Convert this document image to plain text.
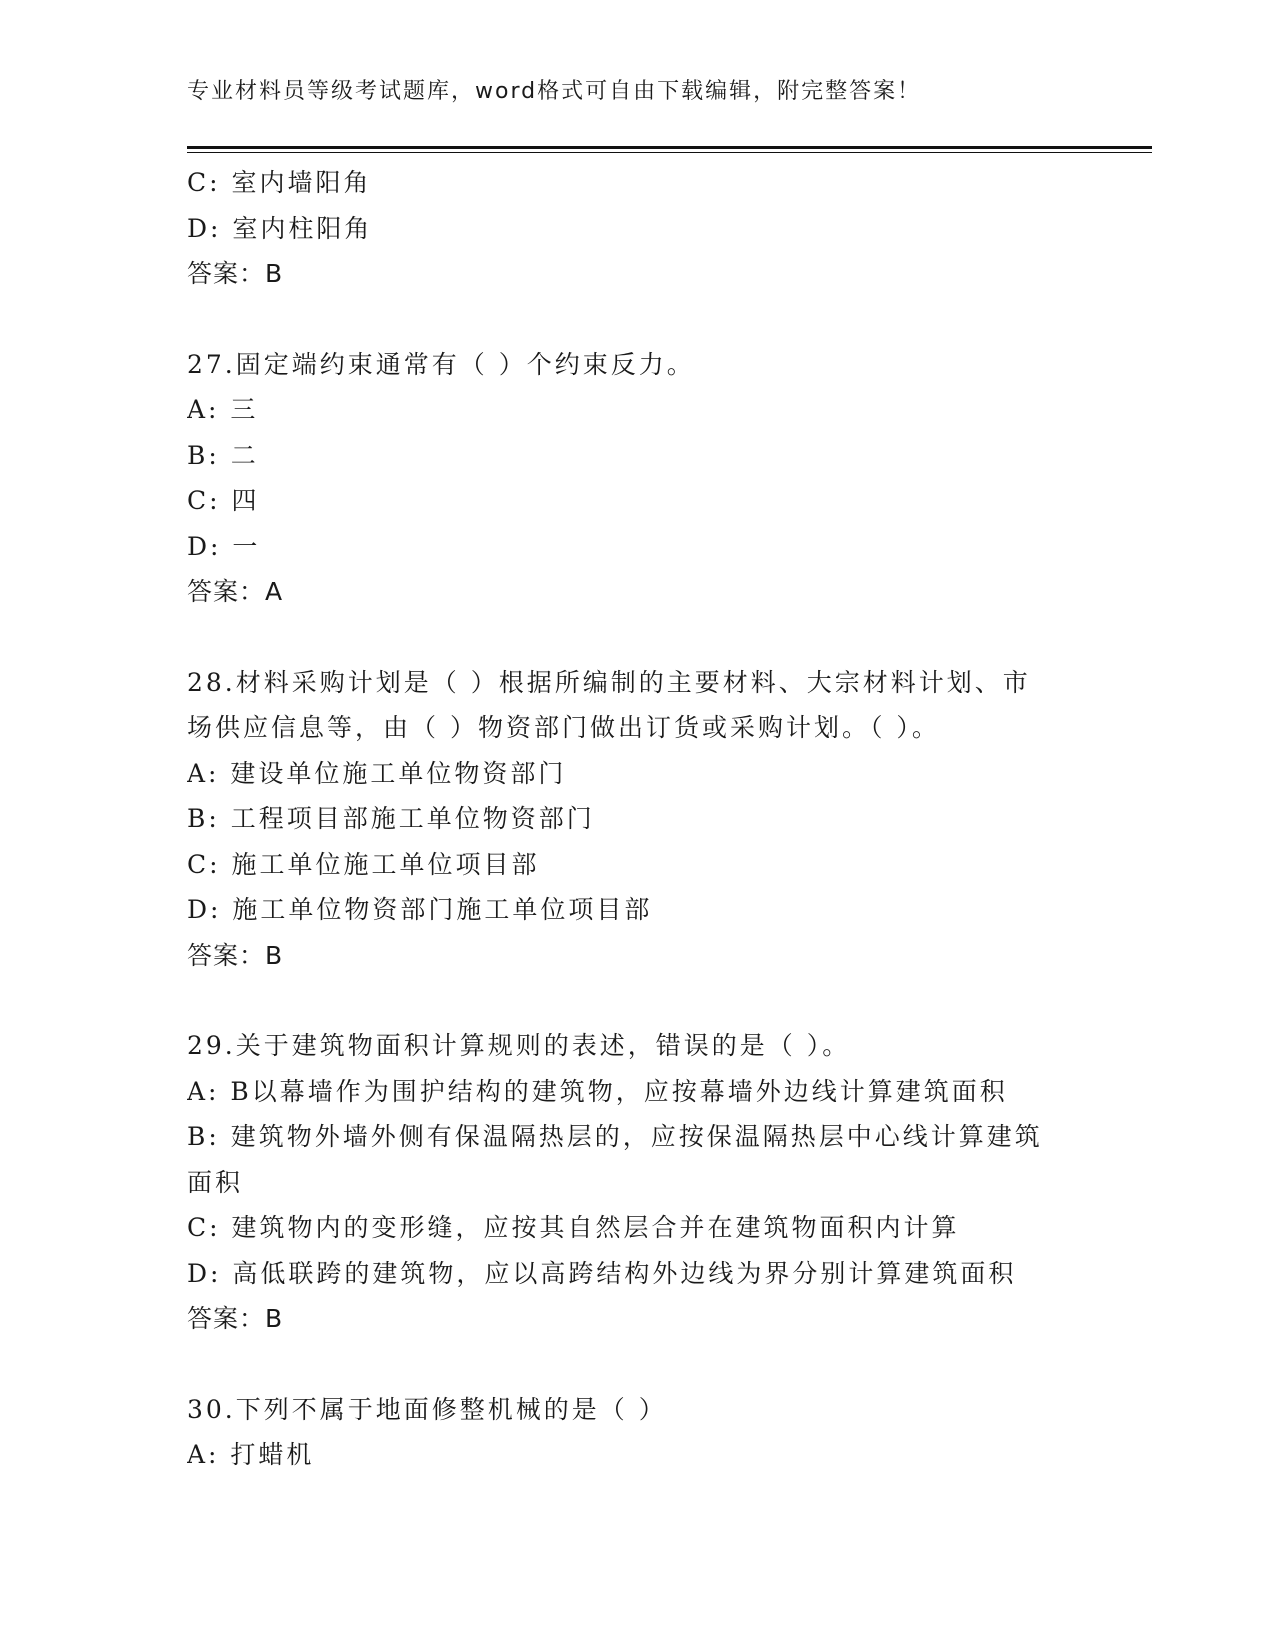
专业材料员等级考试题库，word格式可自由下载编辑，附完整答案！
C: 室内墙阳角
D: 室内柱阳角
答案：B
27.固定端约束通常有（ ）个约束反力。
A: 三
B: 二
C: 四
D: 一
答案：A
28.材料采购计划是（ ）根据所编制的主要材料、大宗材料计划、市
场供应信息等，由（ ）物资部门做出订货或采购计划。（ ）。
A: 建设单位施工单位物资部门
B: 工程项目部施工单位物资部门
C: 施工单位施工单位项目部
D: 施工单位物资部门施工单位项目部
答案：B
29.关于建筑物面积计算规则的表述，错误的是（ ）。
A: B以幕墙作为围护结构的建筑物，应按幕墙外边线计算建筑面积
B: 建筑物外墙外侧有保温隔热层的，应按保温隔热层中心线计算建筑
面积
C: 建筑物内的变形缝，应按其自然层合并在建筑物面积内计算
D: 高低联跨的建筑物，应以高跨结构外边线为界分别计算建筑面积
答案：B
30.下列不属于地面修整机械的是（ ）
A: 打蜡机
